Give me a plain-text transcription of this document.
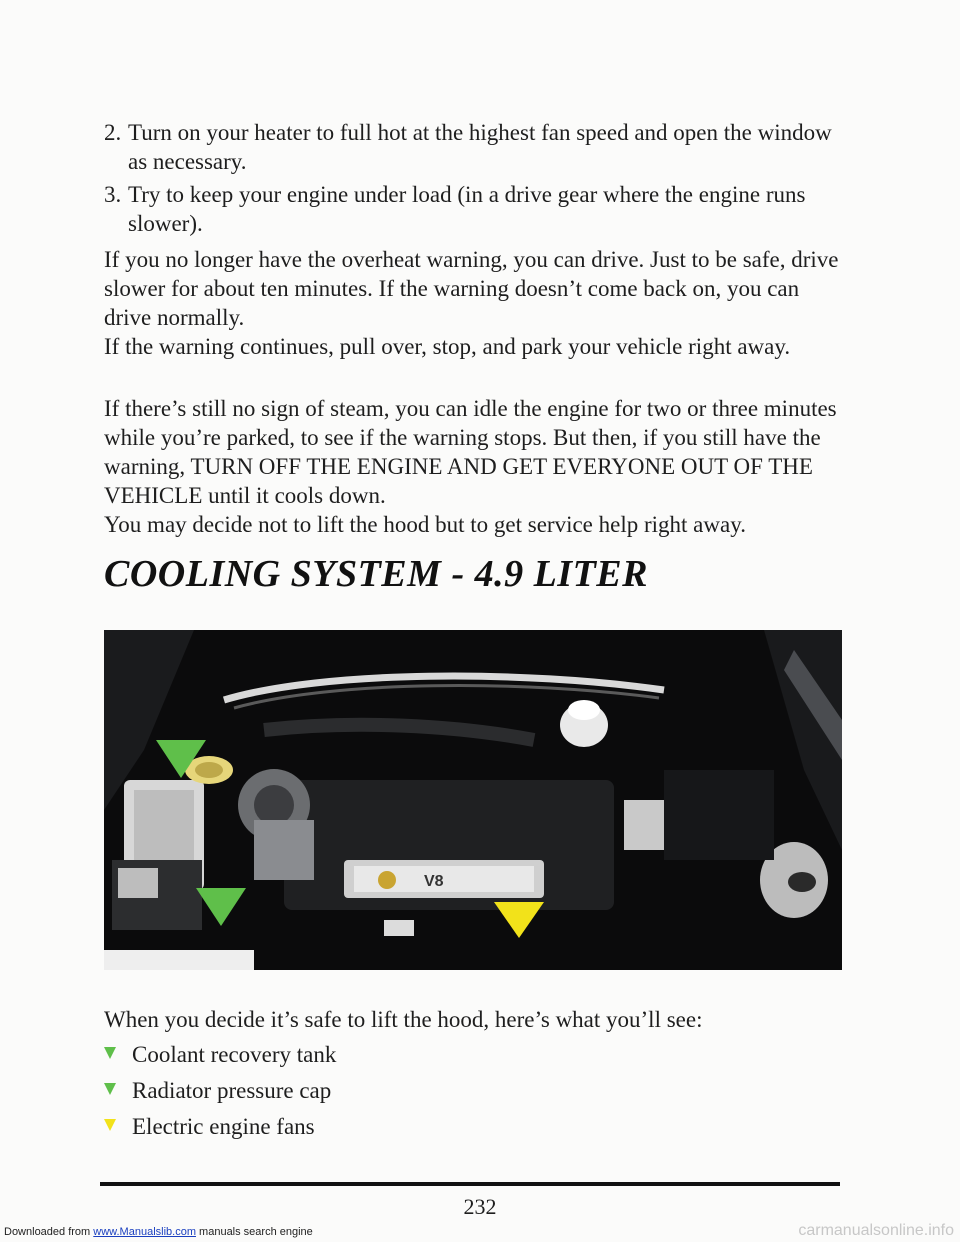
2. Turn on your heater to full hot at the highest fan speed and open the window as necessary.
3. Try to keep your engine under load (in a drive gear where the engine runs slower).

If you no longer have the overheat warning, you can drive. Just to be safe, drive slower for about ten minutes. If the warning doesn’t come back on, you can drive normally.

If the warning continues, pull over, stop, and park your vehicle right away.

If there’s still no sign of steam, you can idle the engine for two or three minutes while you’re parked, to see if the warning stops. But then, if you still have the warning, TURN OFF THE ENGINE AND GET EVERYONE OUT OF THE VEHICLE until it cools down.

You may decide not to lift the hood but to get service help right away.

COOLING SYSTEM - 4.9 LITER
V8

When you decide it’s safe to lift the hood, here’s what you’ll see:

Coolant recovery tank
Radiator pressure cap
Electric engine fans
232
Downloaded from www.Manualslib.com manuals search engine	carmanualsonline.info
